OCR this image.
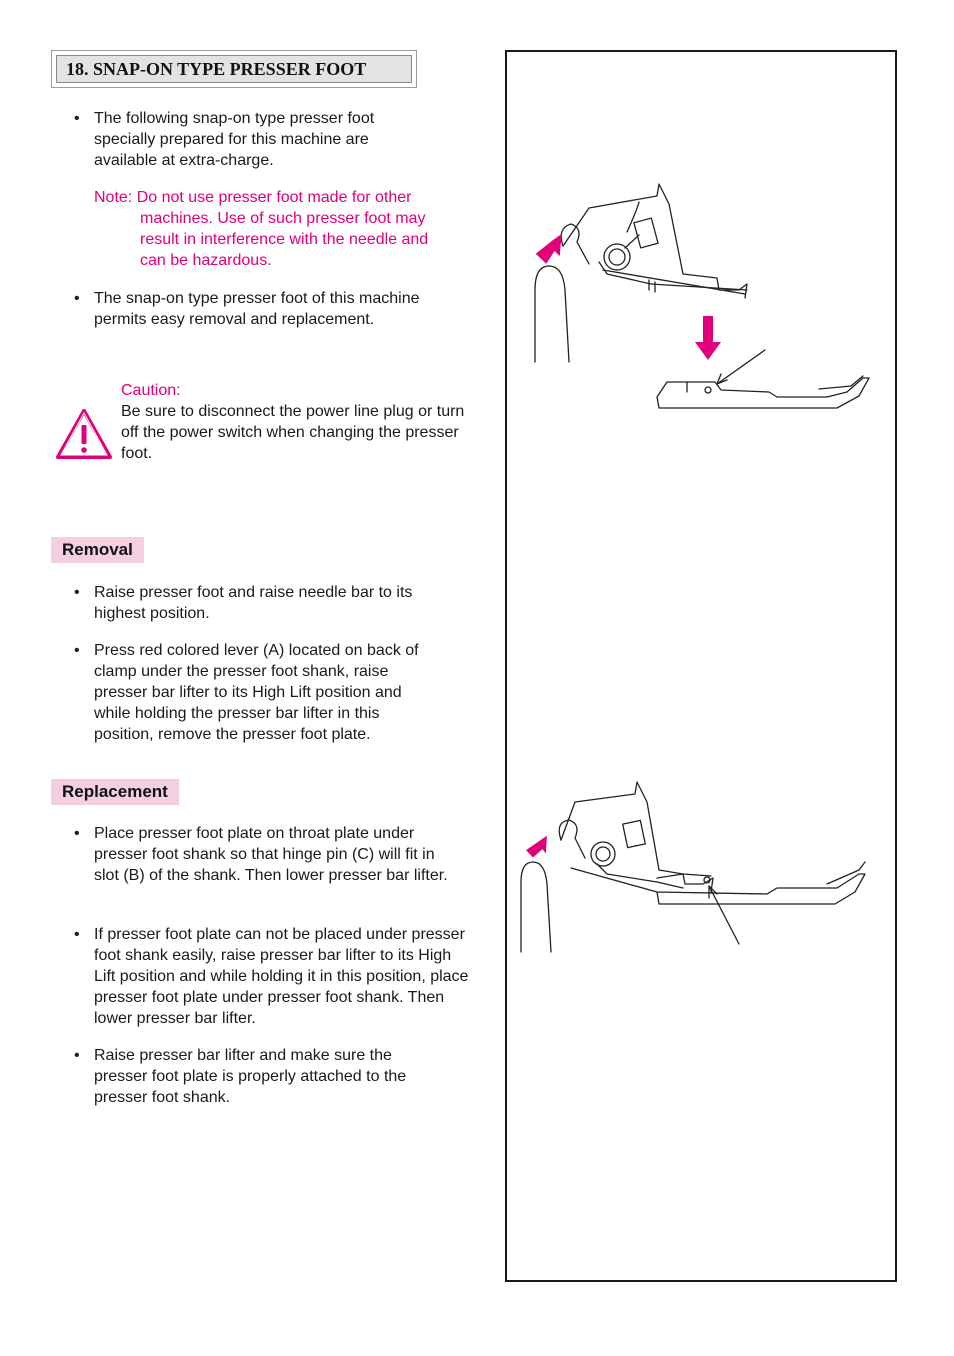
18. SNAP-ON TYPE PRESSER FOOT
• The following snap-on type presser foot specially prepared for this machine are available at extra-charge.
Note: Do not use presser foot made for other
machines. Use of such presser foot may
result in interference with the needle and
can be hazardous.
• The snap-on type presser foot of this machine permits easy removal and replacement.
Caution:
Be sure to disconnect the power line plug or turn off the power switch when changing the presser foot.
Removal
• Raise presser foot and raise needle bar to its highest position.
• Press red colored lever (A) located on back of clamp under the presser foot shank, raise presser bar lifter to its High Lift position and while holding the presser bar lifter in this position, remove the presser foot plate.
Replacement
• Place presser foot plate on throat plate under presser foot shank so that hinge pin (C) will fit in slot (B) of the shank. Then lower presser bar lifter.
• If presser foot plate can not be placed under presser foot shank easily, raise presser bar lifter to its High Lift position and while holding it in this position, place presser foot plate under presser foot shank. Then lower presser bar lifter.
• Raise presser bar lifter and make sure the presser foot plate is properly attached to the presser foot shank.
